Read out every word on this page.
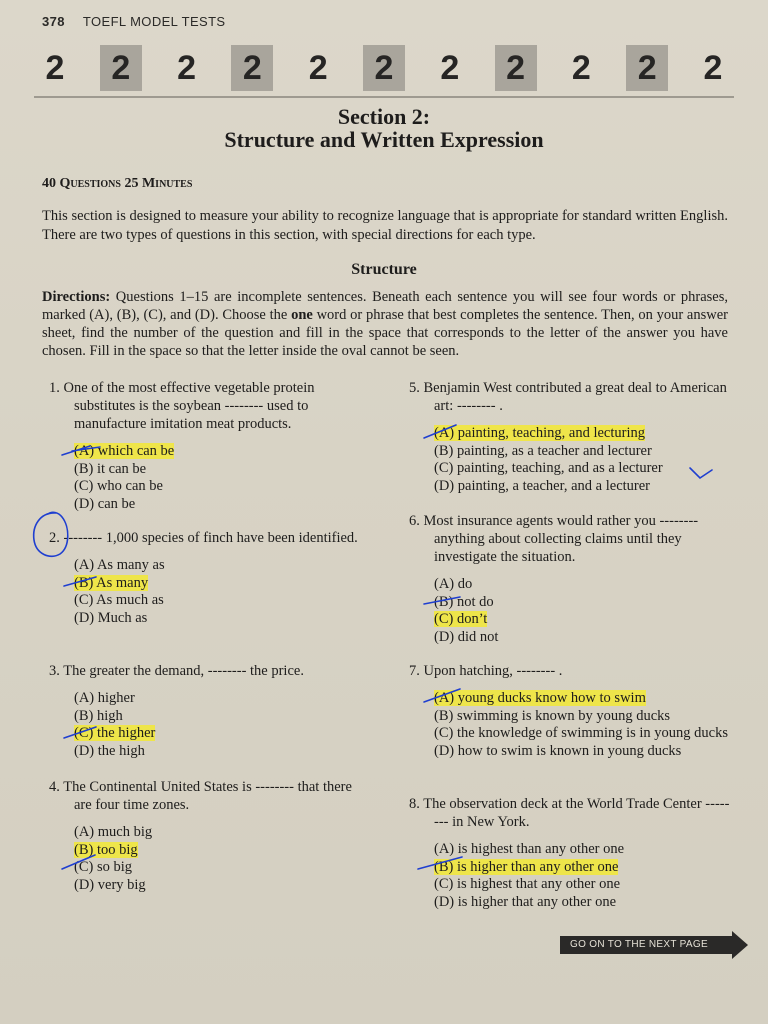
378 TOEFL MODEL TESTS
2	2	2	2	2	2	2	2	2	2	2
Section 2:
Structure and Written Expression
40 Questions 25 Minutes
This section is designed to measure your ability to recognize language that is appropriate for standard written English. There are two types of questions in this section, with special directions for each type.
Structure
Directions: Questions 1–15 are incomplete sentences. Beneath each sentence you will see four words or phrases, marked (A), (B), (C), and (D). Choose the one word or phrase that best completes the sentence. Then, on your answer sheet, find the number of the question and fill in the space that corresponds to the letter of the answer you have chosen. Fill in the space so that the letter inside the oval cannot be seen.
1. One of the most effective vegetable protein substitutes is the soybean -------- used to manufacture imitation meat products.
(A) which can be
(B) it can be
(C) who can be
(D) can be
2. -------- 1,000 species of finch have been identified.
(A) As many as
(B) As many
(C) As much as
(D) Much as
3. The greater the demand, -------- the price.
(A) higher
(B) high
(C) the higher
(D) the high
4. The Continental United States is -------- that there are four time zones.
(A) much big
(B) too big
(C) so big
(D) very big
5. Benjamin West contributed a great deal to American art: -------- .
(A) painting, teaching, and lecturing
(B) painting, as a teacher and lecturer
(C) painting, teaching, and as a lecturer
(D) painting, a teacher, and a lecturer
6. Most insurance agents would rather you -------- anything about collecting claims until they investigate the situation.
(A) do
(B) not do
(C) don’t
(D) did not
7. Upon hatching, -------- .
(A) young ducks know how to swim
(B) swimming is known by young ducks
(C) the knowledge of swimming is in young ducks
(D) how to swim is known in young ducks
8. The observation deck at the World Trade Center -------- in New York.
(A) is highest than any other one
(B) is higher than any other one
(C) is highest that any other one
(D) is higher that any other one
GO ON TO THE NEXT PAGE
